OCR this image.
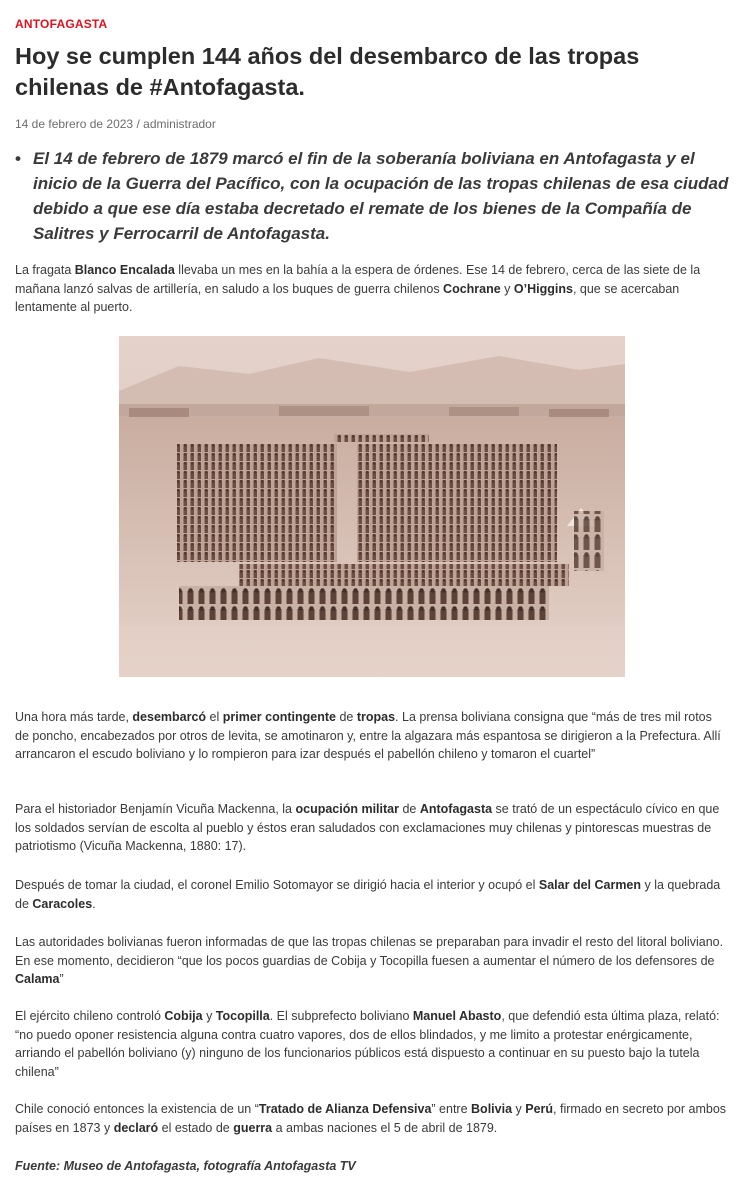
ANTOFAGASTA
Hoy se cumplen 144 años del desembarco de las tropas chilenas de #Antofagasta.
14 de febrero de 2023 / administrador
• El 14 de febrero de 1879 marcó el fin de la soberanía boliviana en Antofagasta y el inicio de la Guerra del Pacífico, con la ocupación de las tropas chilenas de esa ciudad debido a que ese día estaba decretado el remate de los bienes de la Compañía de Salitres y Ferrocarril de Antofagasta.

La fragata Blanco Encalada llevaba un mes en la bahía a la espera de órdenes. Ese 14 de febrero, cerca de las siete de la mañana lanzó salvas de artillería, en saludo a los buques de guerra chilenos Cochrane y O’Higgins, que se acercaban lentamente al puerto.

Una hora más tarde, desembarcó el primer contingente de tropas. La prensa boliviana consigna que “más de tres mil rotos de poncho, encabezados por otros de levita, se amotinaron y, entre la algazara más espantosa se dirigieron a la Prefectura. Allí arrancaron el escudo boliviano y lo rompieron para izar después el pabellón chileno y tomaron el cuartel”

Para el historiador Benjamín Vicuña Mackenna, la ocupación militar de Antofagasta se trató de un espectáculo cívico en que los soldados servían de escolta al pueblo y éstos eran saludados con exclamaciones muy chilenas y pintorescas muestras de patriotismo (Vicuña Mackenna, 1880: 17).

Después de tomar la ciudad, el coronel Emilio Sotomayor se dirigió hacia el interior y ocupó el Salar del Carmen y la quebrada de Caracoles.

Las autoridades bolivianas fueron informadas de que las tropas chilenas se preparaban para invadir el resto del litoral boliviano. En ese momento, decidieron “que los pocos guardias de Cobija y Tocopilla fuesen a aumentar el número de los defensores de Calama”

El ejército chileno controló Cobija y Tocopilla. El subprefecto boliviano Manuel Abasto, que defendió esta última plaza, relató: “no puedo oponer resistencia alguna contra cuatro vapores, dos de ellos blindados, y me limito a protestar enérgicamente, arriando el pabellón boliviano (y) ninguno de los funcionarios públicos está dispuesto a continuar en su puesto bajo la tutela chilena”

Chile conoció entonces la existencia de un “Tratado de Alianza Defensiva” entre Bolivia y Perú, firmado en secreto por ambos países en 1873 y declaró el estado de guerra a ambas naciones el 5 de abril de 1879.

Fuente: Museo de Antofagasta, fotografía Antofagasta TV
